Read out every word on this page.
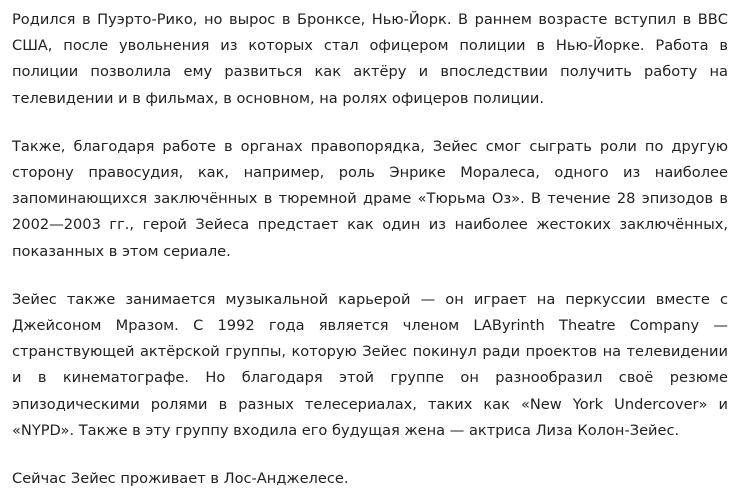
Родился в Пуэрто-Рико, но вырос в Бронксе, Нью-Йорк. В раннем возрасте вступил в ВВС США, после увольнения из которых стал офицером полиции в Нью-Йорке. Работа в полиции позволила ему развиться как актёру и впоследствии получить работу на телевидении и в фильмах, в основном, на ролях офицеров полиции.

Также, благодаря работе в органах правопорядка, Зейес смог сыграть роли по другую сторону правосудия, как, например, роль Энрике Моралеса, одного из наиболее запоминающихся заключённых в тюремной драме «Тюрьма Оз». В течение 28 эпизодов в 2002—2003 гг., герой Зейеса предстает как один из наиболее жестоких заключённых, показанных в этом сериале.

Зейес также занимается музыкальной карьерой — он играет на перкуссии вместе с Джейсоном Мразом. С 1992 года является членом LAByrinth Theatre Company — странствующей актёрской группы, которую Зейес покинул ради проектов на телевидении и в кинематографе. Но благодаря этой группе он разнообразил своё резюме эпизодическими ролями в разных телесериалах, таких как «New York Undercover» и «NYPD». Также в эту группу входила его будущая жена — актриса Лиза Колон-Зейес.

Сейчас Зейес проживает в Лос-Анджелесе.
